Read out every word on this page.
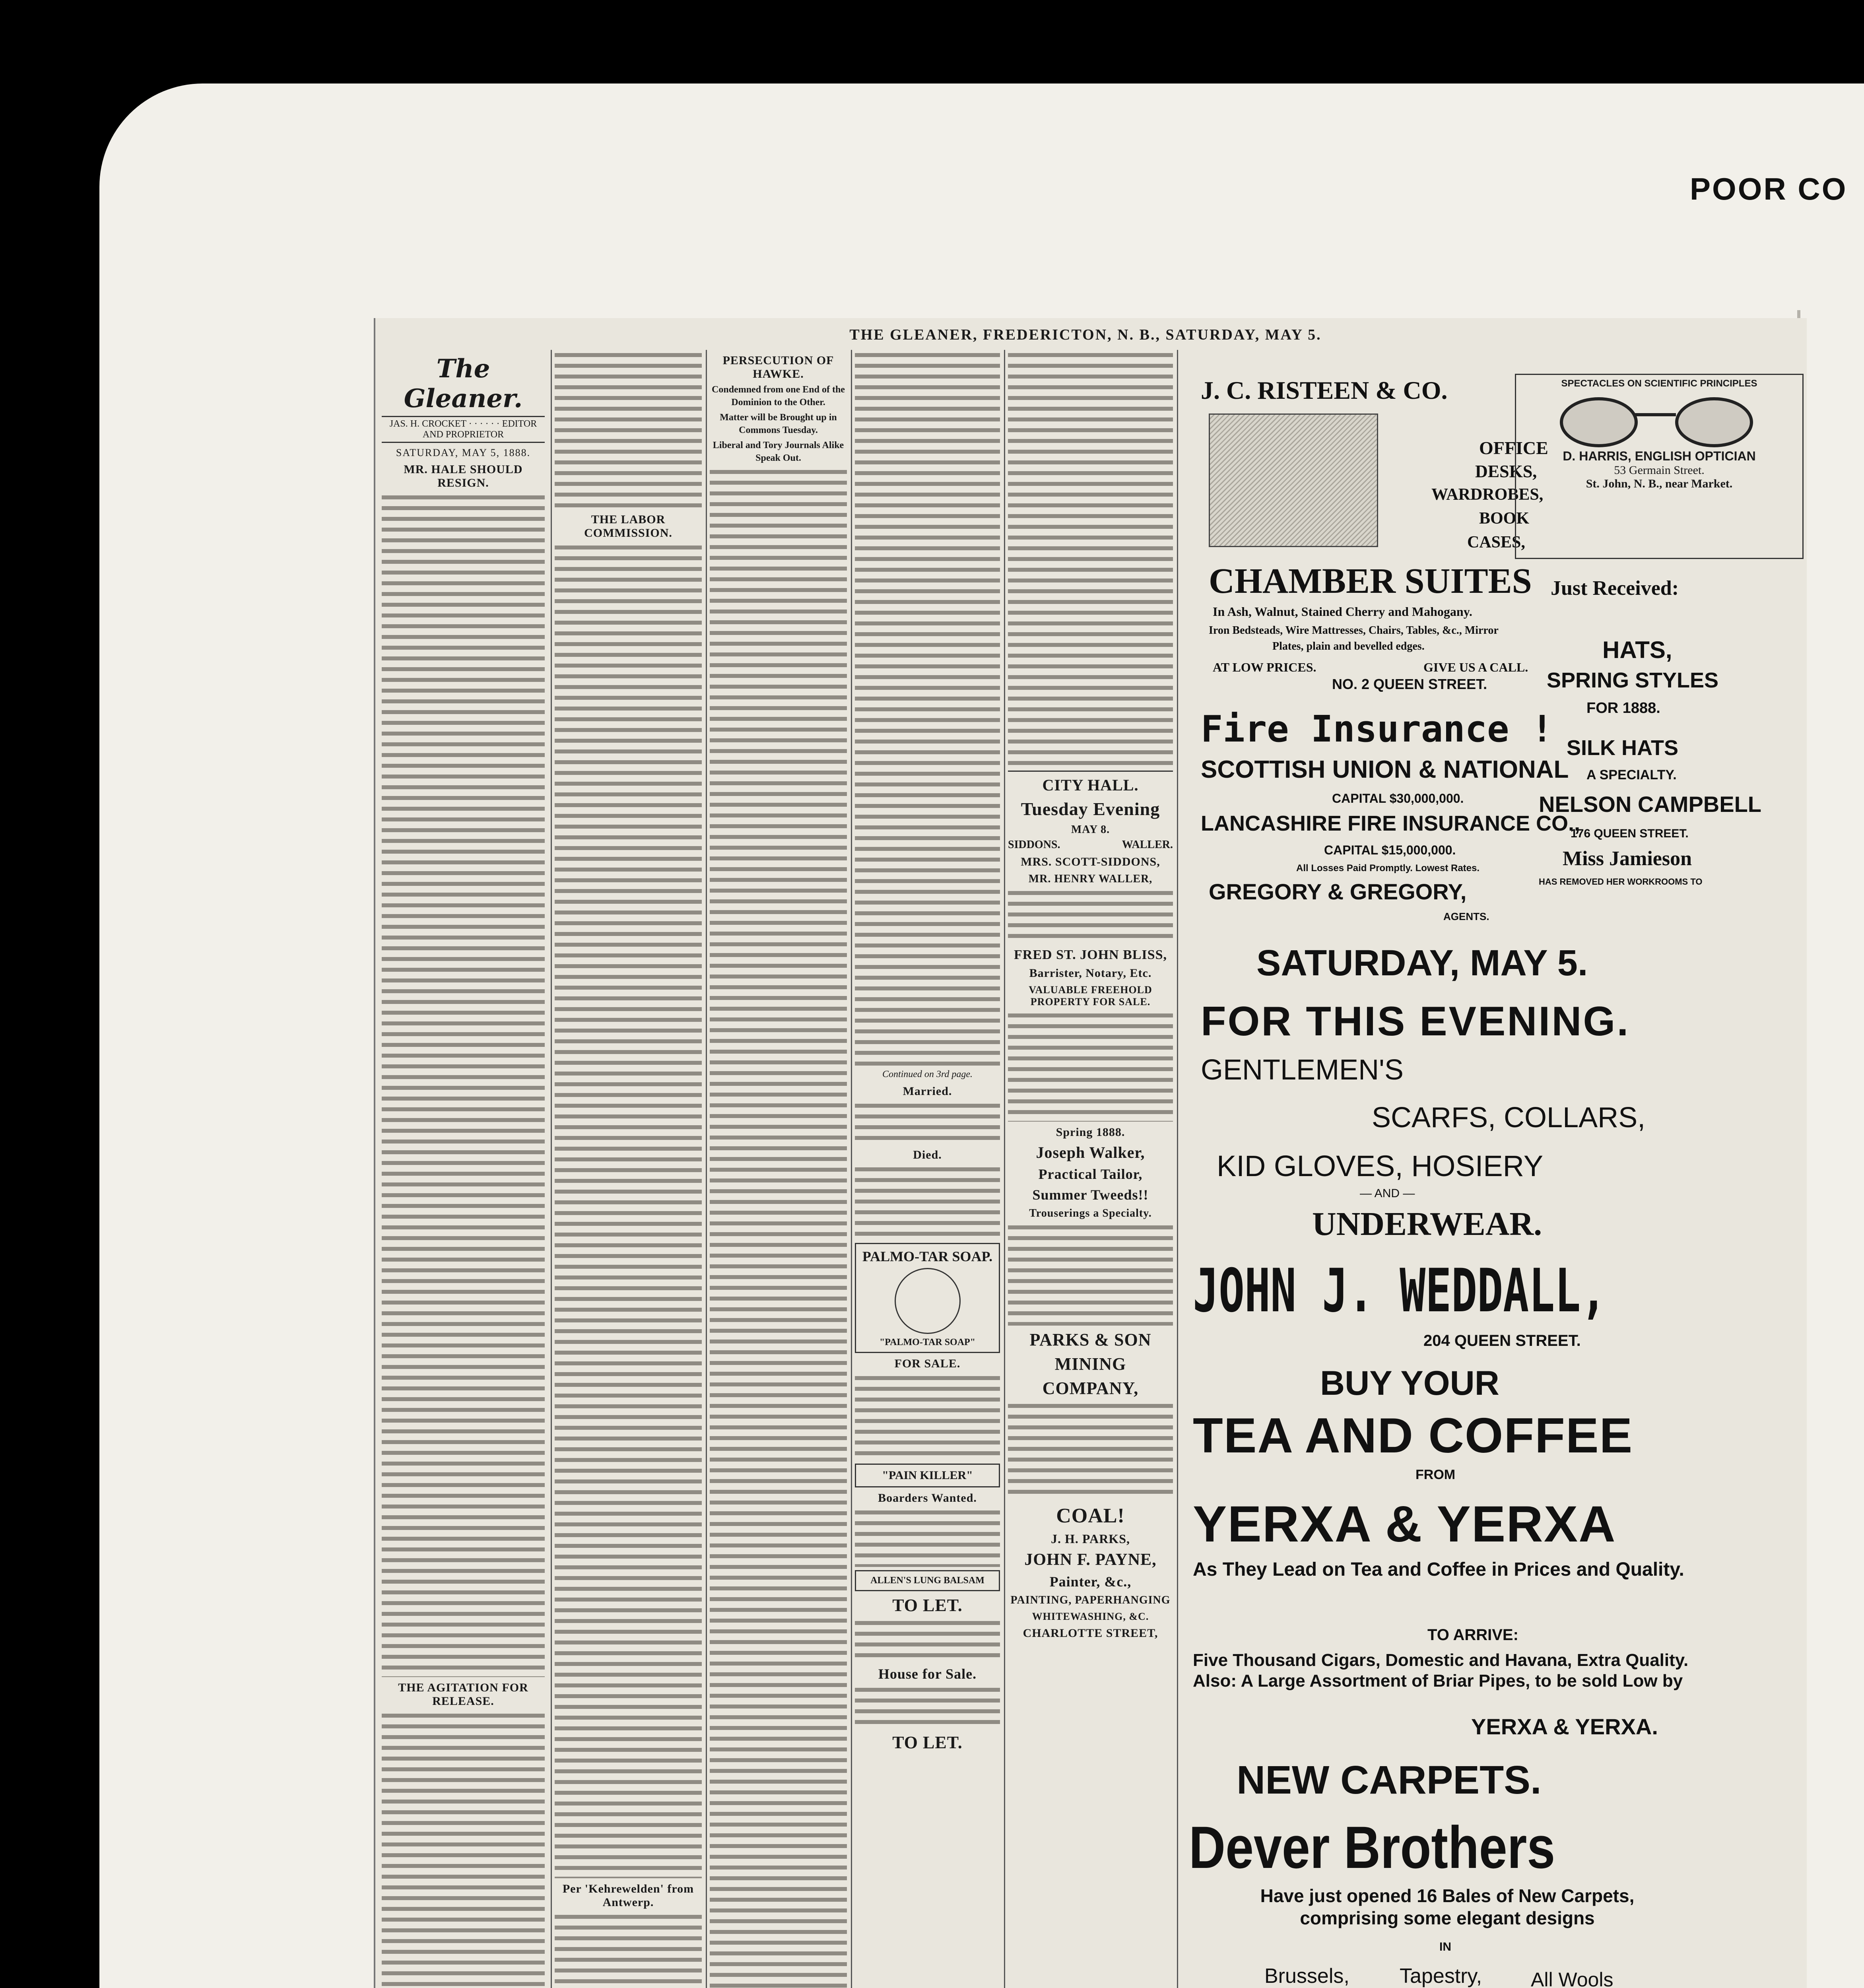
POOR CO
THE GLEANER, FREDERICTON, N. B., SATURDAY, MAY 5.
The Gleaner.
JAS. H. CROCKET · · · · · · EDITOR AND PROPRIETOR
SATURDAY, MAY 5, 1888.
MR. HALE SHOULD RESIGN.
THE AGITATION FOR RELEASE.
THE LABOR COMMISSION.
Per 'Kehrewelden' from Antwerp.
PERSECUTION OF HAWKE.
Condemned from one End of the Dominion to the Other.
Matter will be Brought up in Commons Tuesday.
Liberal and Tory Journals Alike Speak Out.
Continued on 3rd page.
Married.
Died.
PALMO-TAR SOAP.
"PALMO-TAR SOAP"
FOR SALE.
"PAIN KILLER"
Boarders Wanted.
ALLEN'S LUNG BALSAM
TO LET.
House for Sale.
TO LET.
CITY HALL.
Tuesday Evening
MAY 8.
SIDDONS.	WALLER.
MRS. SCOTT-SIDDONS,
MR. HENRY WALLER,
FRED ST. JOHN BLISS,
Barrister, Notary, Etc.
VALUABLE FREEHOLD PROPERTY FOR SALE.
Spring 1888.
Joseph Walker,
Practical Tailor,
Summer Tweeds!!
Trouserings a Specialty.
PARKS & SON
MINING
COMPANY,
COAL!
J. H. PARKS,
JOHN F. PAYNE,
Painter, &c.,
PAINTING, PAPERHANGING
WHITEWASHING, &C.
CHARLOTTE STREET,
J. C. RISTEEN & CO.
OFFICE
DESKS,
WARDROBES,
BOOK
CASES,
CHAMBER SUITES
In Ash, Walnut, Stained Cherry and Mahogany.
Iron Bedsteads, Wire Mattresses, Chairs, Tables, &c., Mirror
Plates, plain and bevelled edges.
AT LOW PRICES.	GIVE US A CALL.
NO. 2 QUEEN STREET.
SPECTACLES ON SCIENTIFIC PRINCIPLES
D. HARRIS, ENGLISH OPTICIAN
53 Germain Street.
St. John, N. B., near Market.
Just Received:
HATS,
SPRING STYLES
FOR 1888.
SILK HATS
A SPECIALTY.
NELSON CAMPBELL
176 QUEEN STREET.
Miss Jamieson
HAS REMOVED HER WORKROOMS TO
Fire Insurance !
SCOTTISH UNION & NATIONAL
CAPITAL $30,000,000.
LANCASHIRE FIRE INSURANCE CO.,
CAPITAL $15,000,000.
All Losses Paid Promptly. Lowest Rates.
GREGORY & GREGORY,
AGENTS.
SATURDAY, MAY 5.
FOR THIS EVENING.
GENTLEMEN'S
SCARFS, COLLARS,
KID GLOVES, HOSIERY
— AND —
UNDERWEAR.
JOHN J. WEDDALL,
204 QUEEN STREET.
BUY YOUR
TEA AND COFFEE
FROM
YERXA & YERXA
As They Lead on Tea and Coffee in Prices and Quality.
TO ARRIVE:
Five Thousand Cigars, Domestic and Havana, Extra Quality. Also: A Large Assortment of Briar Pipes, to be sold Low by
YERXA & YERXA.
NEW CARPETS.
Dever Brothers
Have just opened 16 Bales of New Carpets, comprising some elegant designs
IN
Brussels, Tapestry, All Wools
